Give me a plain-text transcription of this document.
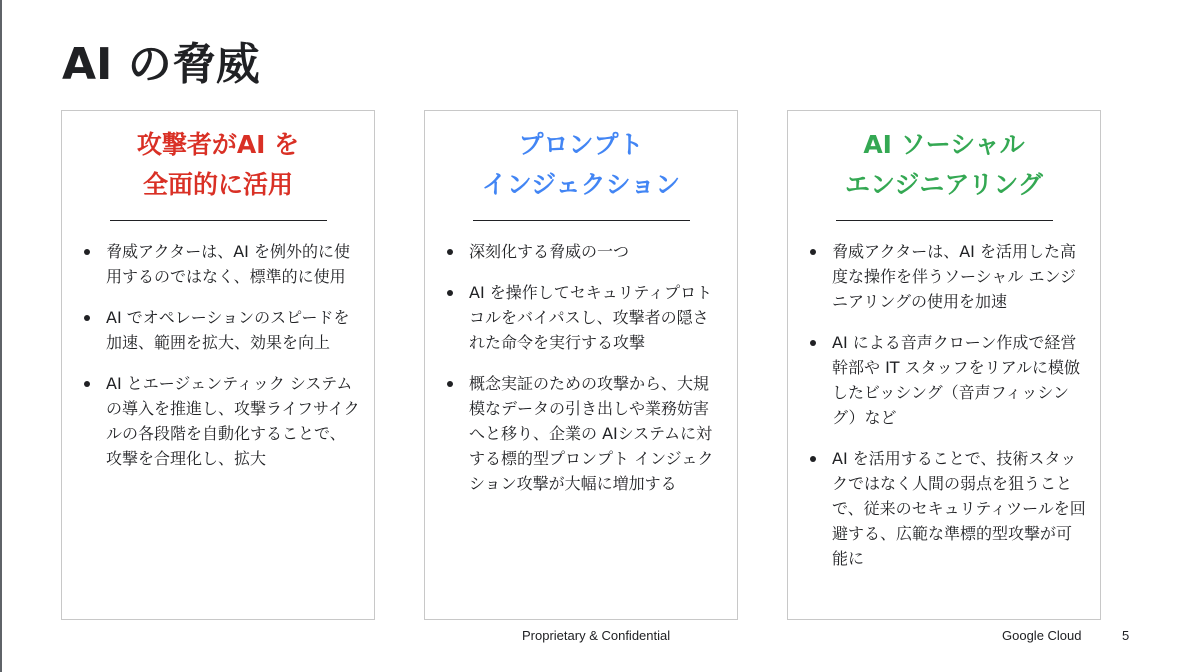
AI の脅威
攻撃者がAI を
全面的に活用
脅威アクターは、AI を例外的に使用するのではなく、標準的に使用
AI でオペレーションのスピードを加速、範囲を拡大、効果を向上
AI とエージェンティック システムの導入を推進し、攻撃ライフサイクルの各段階を自動化することで、攻撃を合理化し、拡大
プロンプト
インジェクション
深刻化する脅威の一つ
AI を操作してセキュリティプロトコルをバイパスし、攻撃者の隠された命令を実行する攻撃
概念実証のための攻撃から、大規模なデータの引き出しや業務妨害へと移り、企業の AIシステムに対する標的型プロンプト インジェクション攻撃が大幅に増加する
AI ソーシャル
エンジニアリング
脅威アクターは、AI を活用した高度な操作を伴うソーシャル エンジニアリングの使用を加速
AI による音声クローン作成で経営幹部や IT スタッフをリアルに模倣したビッシング（音声フィッシング）など
AI を活用することで、技術スタックではなく人間の弱点を狙うことで、従来のセキュリティツールを回避する、広範な準標的型攻撃が可能に
Proprietary & Confidential	Google Cloud	5
